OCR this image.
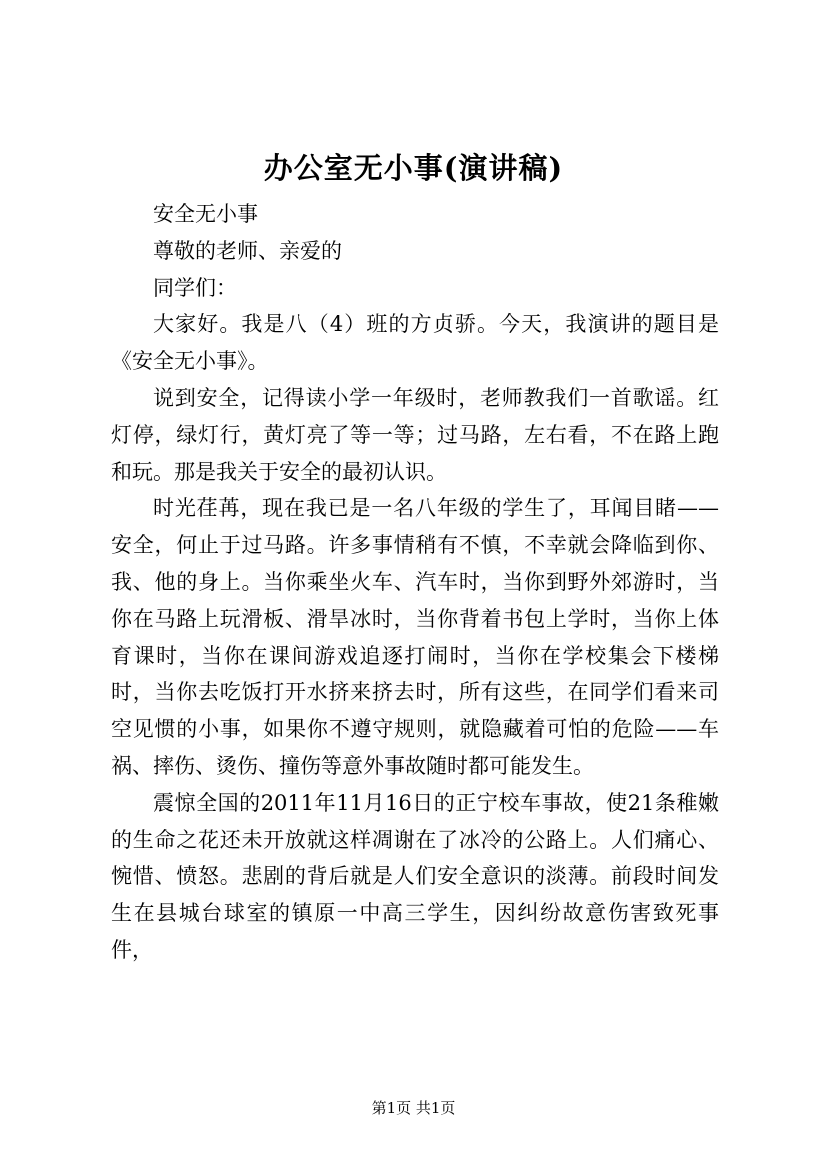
办公室无小事(演讲稿)

安全无小事

尊敬的老师、亲爱的

同学们：

大家好。我是八（4）班的方贞骄。今天，我演讲的题目是《安全无小事》。

说到安全，记得读小学一年级时，老师教我们一首歌谣。红灯停，绿灯行，黄灯亮了等一等；过马路，左右看，不在路上跑和玩。那是我关于安全的最初认识。

时光荏苒，现在我已是一名八年级的学生了，耳闻目睹——安全，何止于过马路。许多事情稍有不慎，不幸就会降临到你、我、他的身上。当你乘坐火车、汽车时，当你到野外郊游时，当你在马路上玩滑板、滑旱冰时，当你背着书包上学时，当你上体育课时，当你在课间游戏追逐打闹时，当你在学校集会下楼梯时，当你去吃饭打开水挤来挤去时，所有这些，在同学们看来司空见惯的小事，如果你不遵守规则，就隐藏着可怕的危险——车祸、摔伤、烫伤、撞伤等意外事故随时都可能发生。

震惊全国的2011年11月16日的正宁校车事故，使21条稚嫩的生命之花还未开放就这样凋谢在了冰冷的公路上。人们痛心、惋惜、愤怒。悲剧的背后就是人们安全意识的淡薄。前段时间发生在县城台球室的镇原一中高三学生，因纠纷故意伤害致死事件，

第1页 共1页
